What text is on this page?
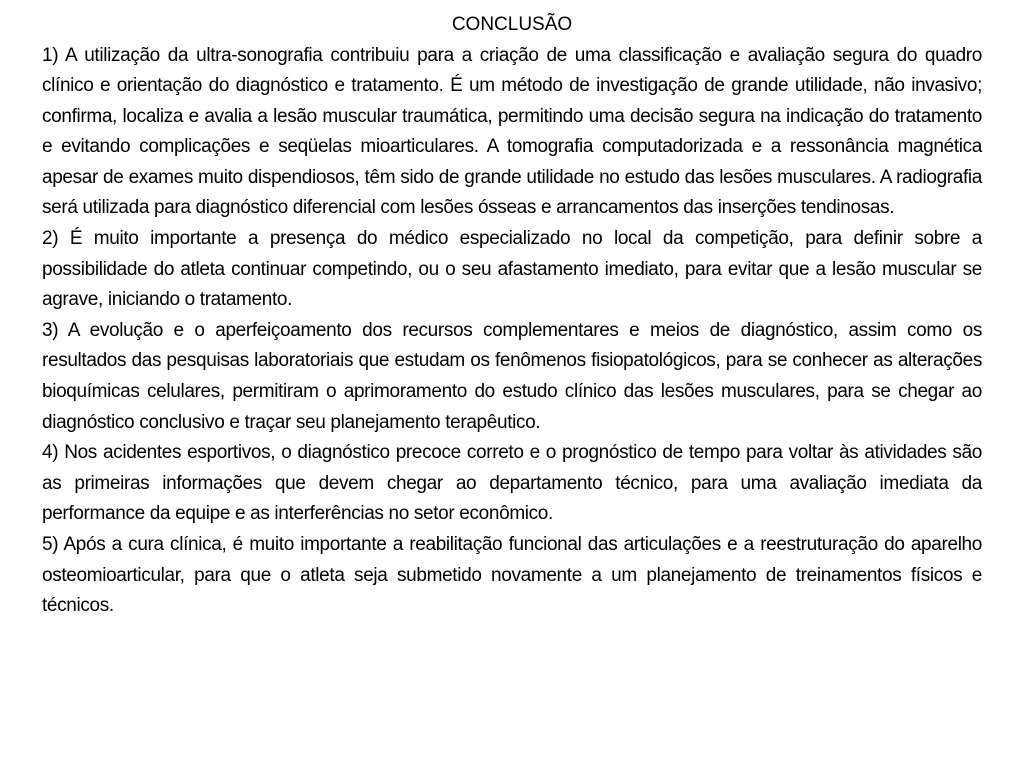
CONCLUSÃO

1) A utilização da ultra-sonografia contribuiu para a criação de uma classificação e avaliação segura do quadro clínico e orientação do diagnóstico e tratamento. É um método de investigação de grande utilidade, não invasivo; confirma, localiza e avalia a lesão muscular traumática, permitindo uma decisão segura na indicação do tratamento e evitando complicações e seqüelas mioarticulares. A tomografia computadorizada e a ressonância magnética apesar de exames muito dispendiosos, têm sido de grande utilidade no estudo das lesões musculares. A radiografia será utilizada para diagnóstico diferencial com lesões ósseas e arrancamentos das inserções tendinosas.

2) É muito importante a presença do médico especializado no local da competição, para definir sobre a possibilidade do atleta continuar competindo, ou o seu afastamento imediato, para evitar que a lesão muscular se agrave, iniciando o tratamento.

3) A evolução e o aperfeiçoamento dos recursos complementares e meios de diagnóstico, assim como os resultados das pesquisas laboratoriais que estudam os fenômenos fisiopatológicos, para se conhecer as alterações bioquímicas celulares, permitiram o aprimoramento do estudo clínico das lesões musculares, para se chegar ao diagnóstico conclusivo e traçar seu planejamento terapêutico.

4) Nos acidentes esportivos, o diagnóstico precoce correto e o prognóstico de tempo para voltar às atividades são as primeiras informações que devem chegar ao departamento técnico, para uma avaliação imediata da performance da equipe e as interferências no setor econômico.

5) Após a cura clínica, é muito importante a reabilitação funcional das articulações e a reestruturação do aparelho osteomioarticular, para que o atleta seja submetido novamente a um planejamento de treinamentos físicos e técnicos.
